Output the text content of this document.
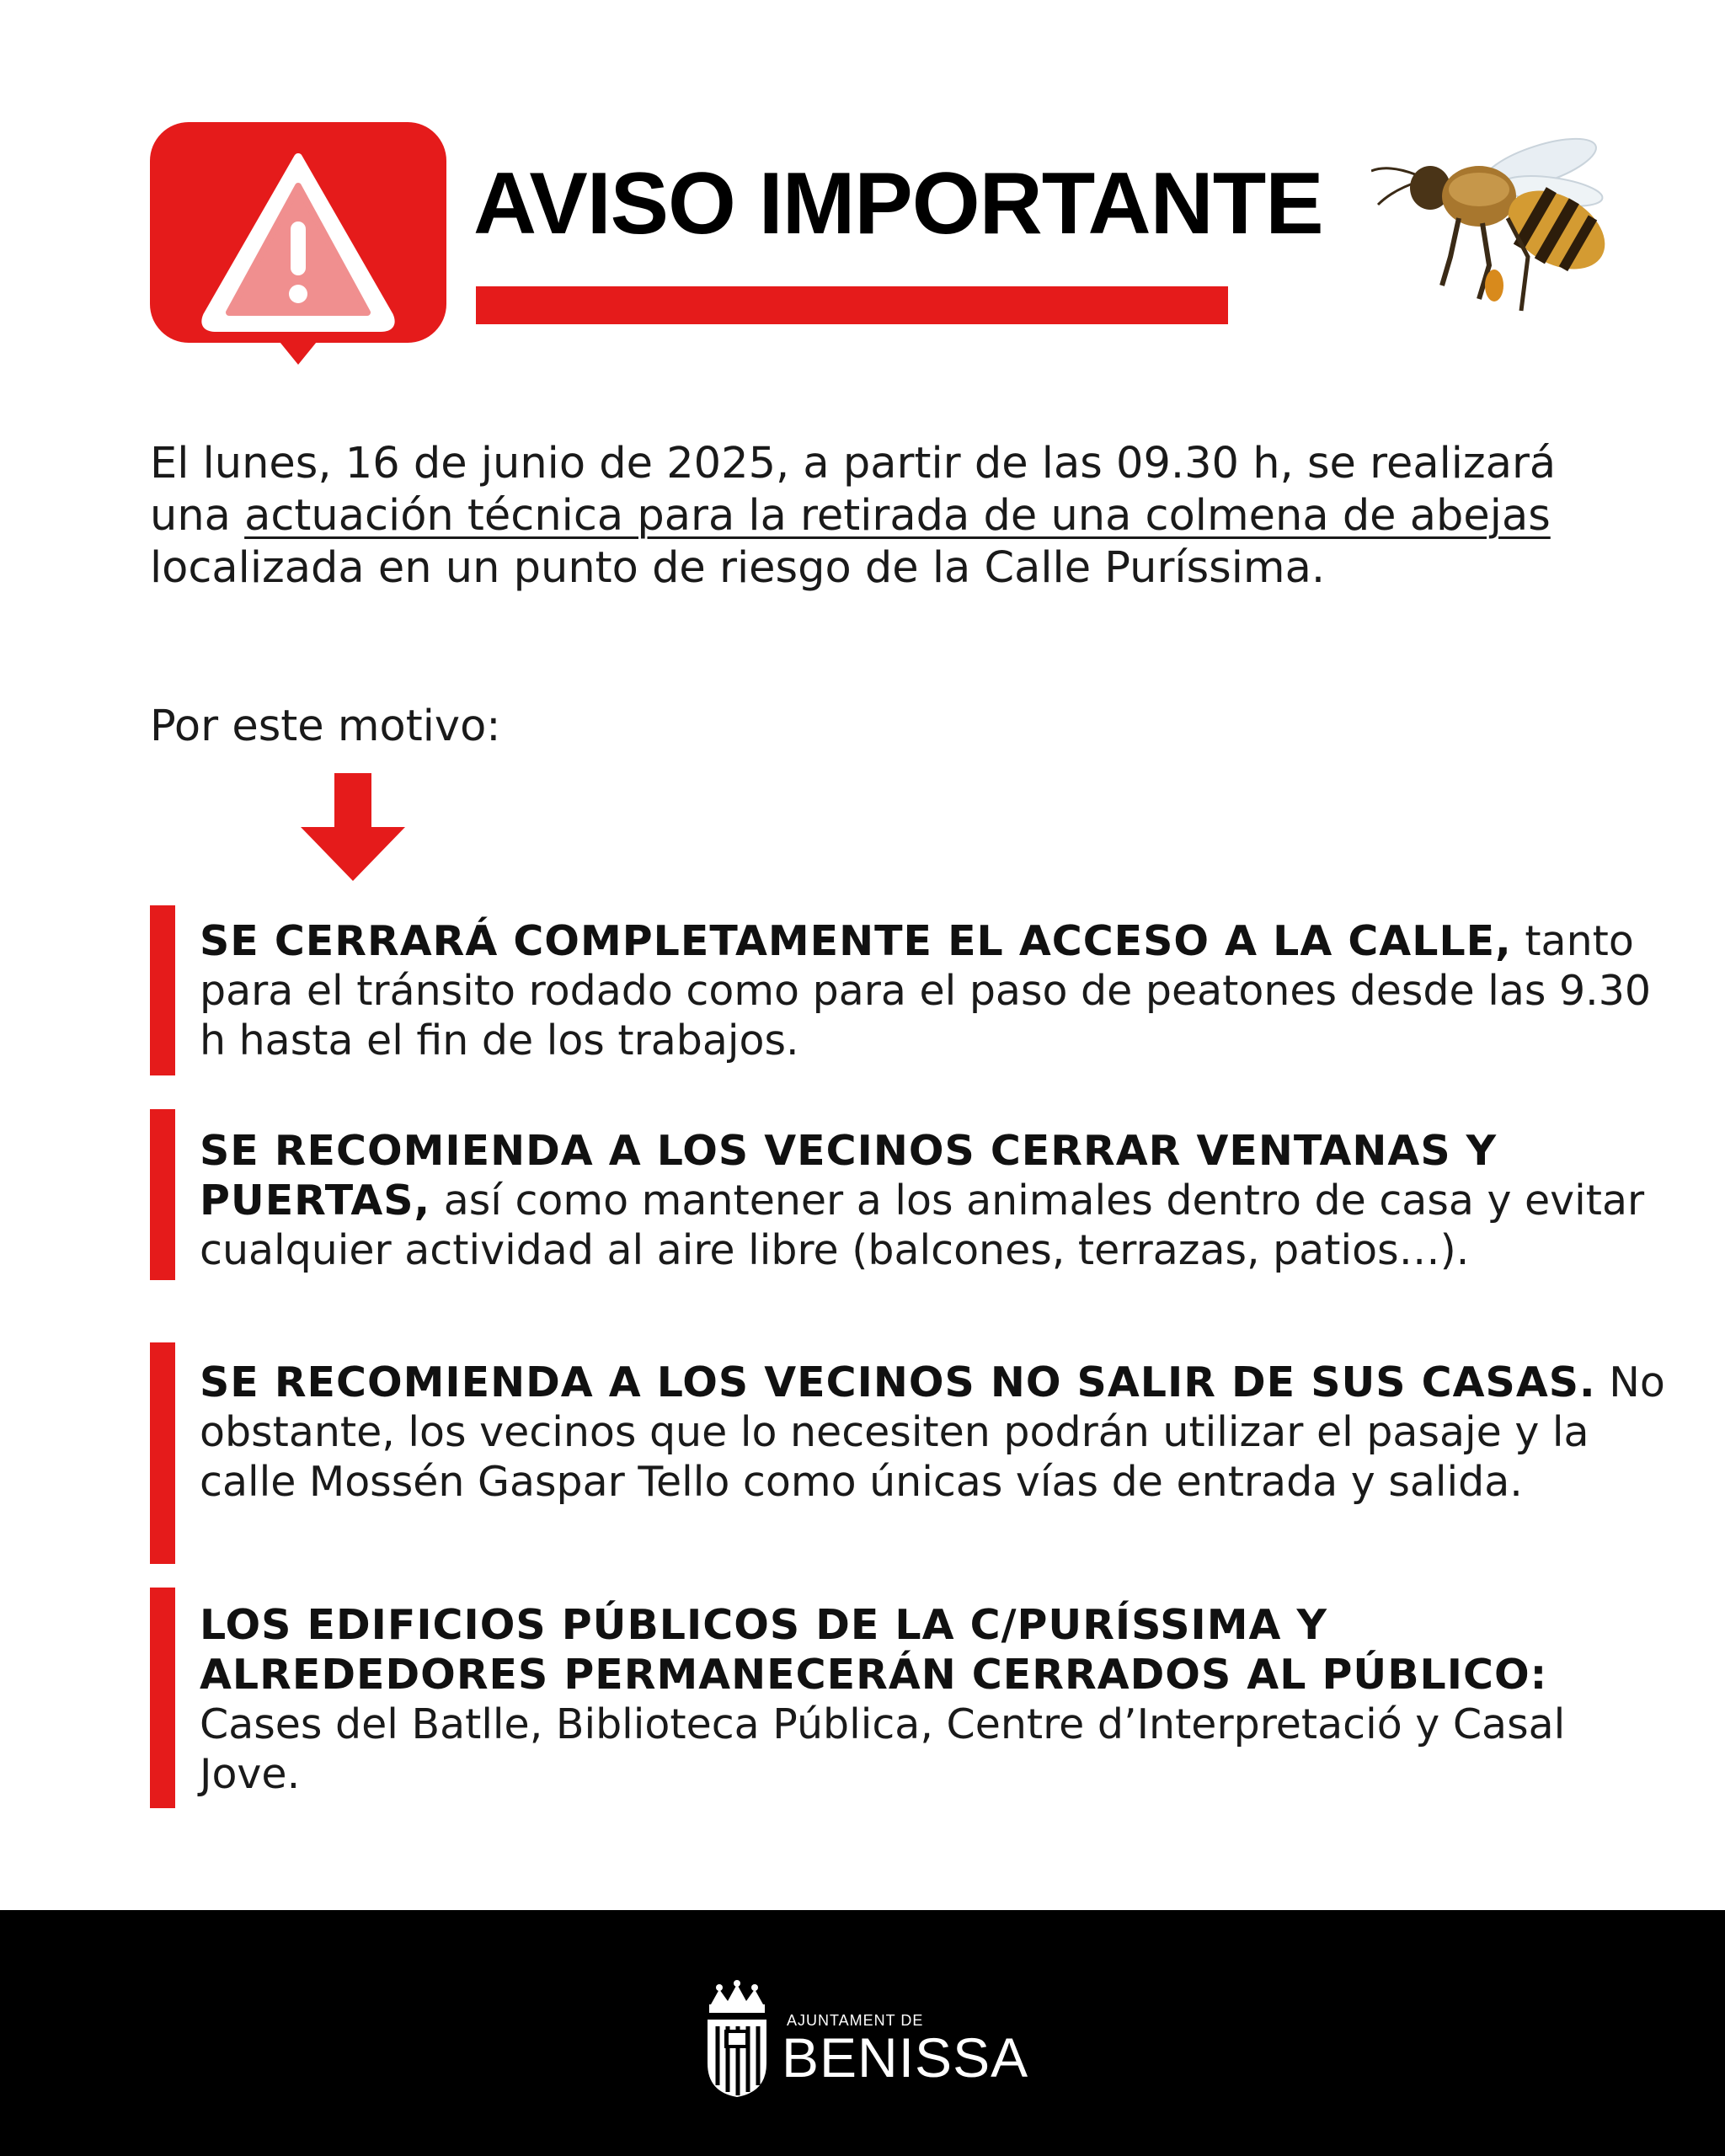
AVISO IMPORTANTE

El lunes, 16 de junio de 2025, a partir de las 09.30 h, se realizará una actuación técnica para la retirada de una colmena de abejas localizada en un punto de riesgo de la Calle Puríssima.

Por este motivo:

SE CERRARÁ COMPLETAMENTE EL ACCESO A LA CALLE, tanto para el tránsito rodado como para el paso de peatones desde las 9.30 h hasta el fin de los trabajos.

SE RECOMIENDA A LOS VECINOS CERRAR VENTANAS Y PUERTAS, así como mantener a los animales dentro de casa y evitar cualquier actividad al aire libre (balcones, terrazas, patios…).

SE RECOMIENDA A LOS VECINOS NO SALIR DE SUS CASAS. No obstante, los vecinos que lo necesiten podrán utilizar el pasaje y la calle Mossén Gaspar Tello como únicas vías de entrada y salida.

LOS EDIFICIOS PÚBLICOS DE LA C/PURÍSSIMA Y ALREDEDORES PERMANECERÁN CERRADOS AL PÚBLICO: Cases del Batlle, Biblioteca Pública, Centre d’Interpretació y Casal Jove.

AJUNTAMENT DE

BENISSA
